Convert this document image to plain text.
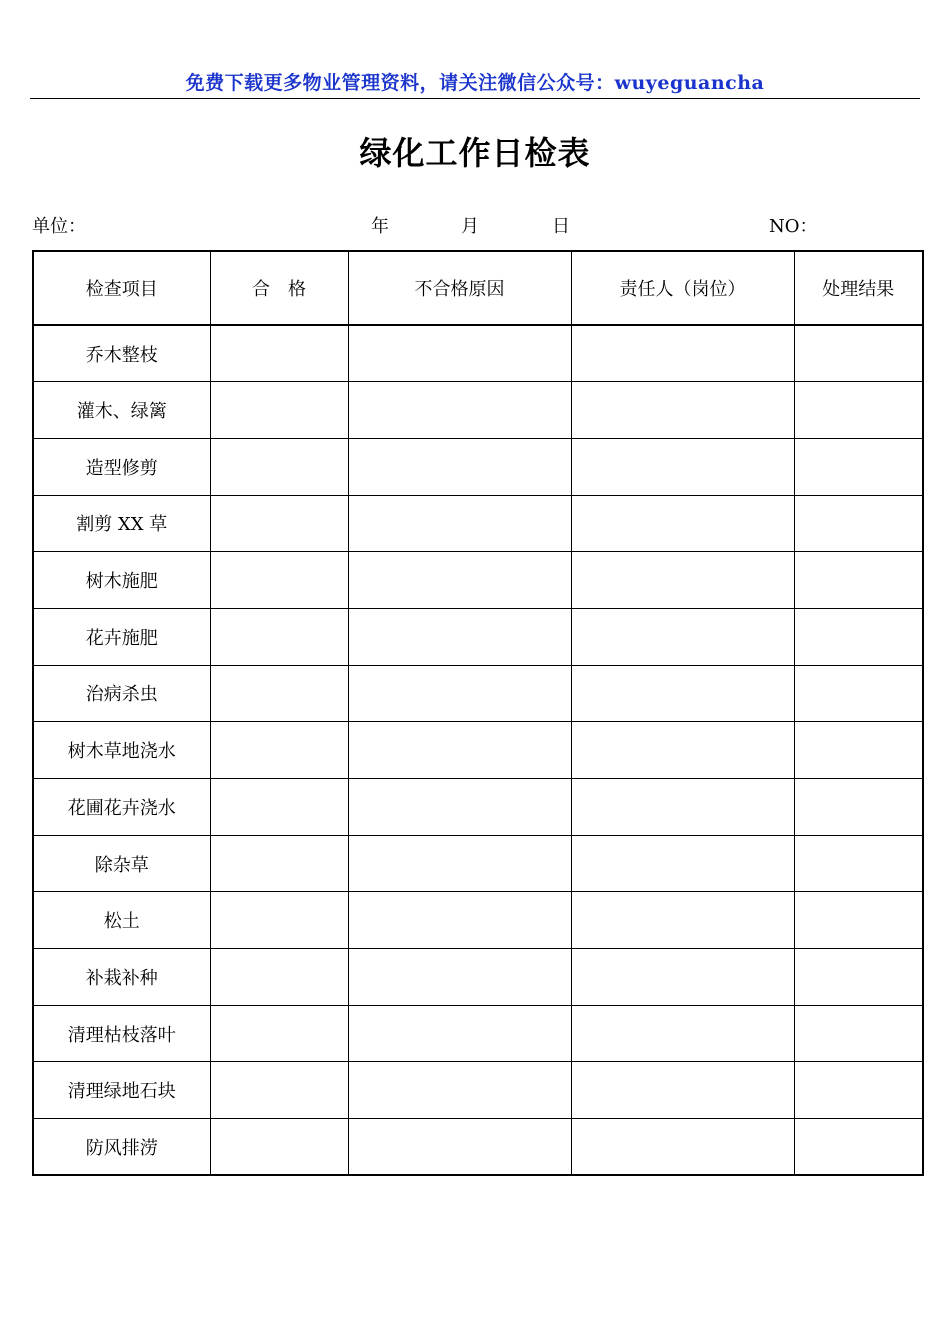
免费下载更多物业管理资料，请关注微信公众号：wuyeguancha
绿化工作日检表
单位：	年	月	日	NO：
检查项目	合　格	不合格原因	责任人（岗位）	处理结果
乔木整枝				
灌木、绿篱				
造型修剪				
割剪 XX 草				
树木施肥				
花卉施肥				
治病杀虫				
树木草地浇水				
花圃花卉浇水				
除杂草				
松土				
补栽补种				
清理枯枝落叶				
清理绿地石块				
防风排涝				
